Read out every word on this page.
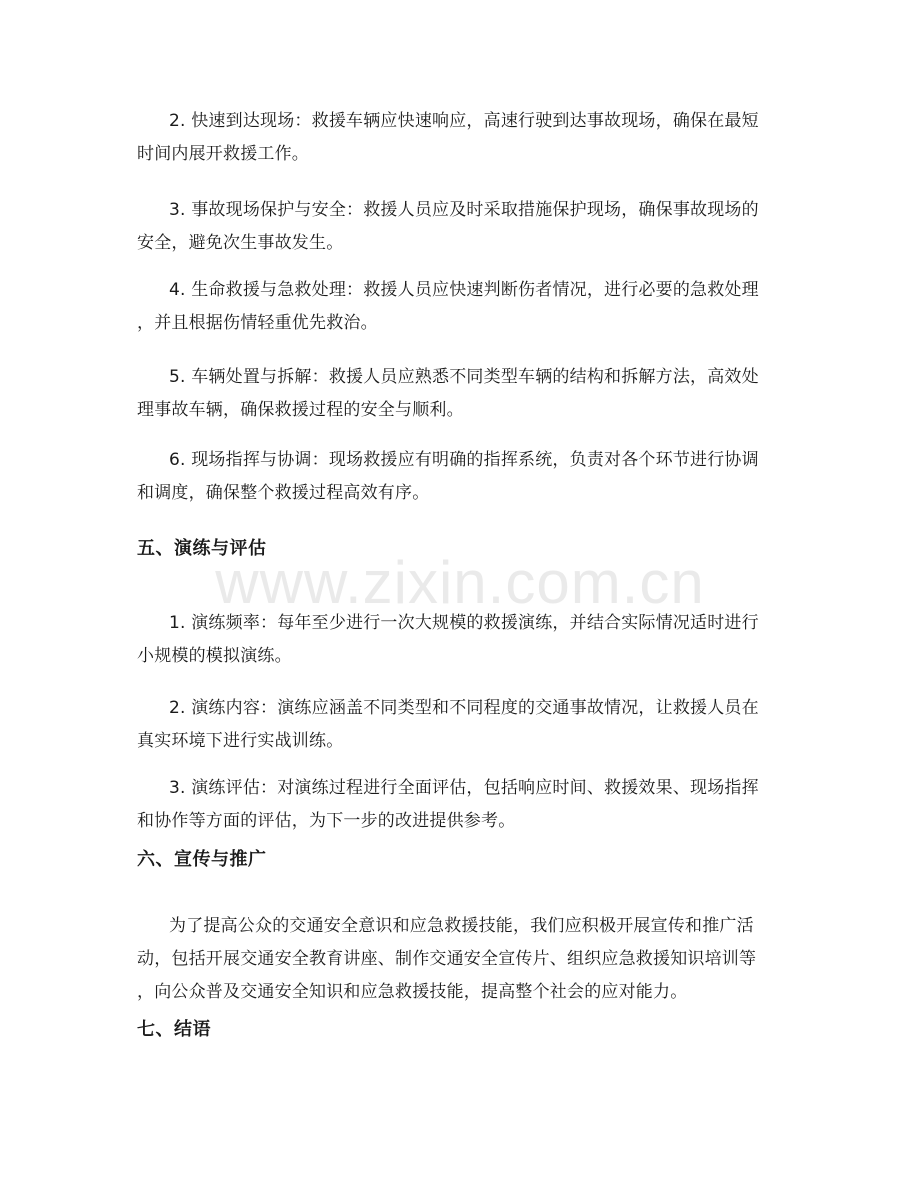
www.zixin.com.cn

2. 快速到达现场：救援车辆应快速响应，高速行驶到达事故现场，确保在最短
时间内展开救援工作。

3. 事故现场保护与安全：救援人员应及时采取措施保护现场，确保事故现场的
安全，避免次生事故发生。

4. 生命救援与急救处理：救援人员应快速判断伤者情况，进行必要的急救处理
，并且根据伤情轻重优先救治。

5. 车辆处置与拆解：救援人员应熟悉不同类型车辆的结构和拆解方法，高效处
理事故车辆，确保救援过程的安全与顺利。

6. 现场指挥与协调：现场救援应有明确的指挥系统，负责对各个环节进行协调
和调度，确保整个救援过程高效有序。

五、演练与评估

1. 演练频率：每年至少进行一次大规模的救援演练，并结合实际情况适时进行
小规模的模拟演练。

2. 演练内容：演练应涵盖不同类型和不同程度的交通事故情况，让救援人员在
真实环境下进行实战训练。

3. 演练评估：对演练过程进行全面评估，包括响应时间、救援效果、现场指挥
和协作等方面的评估，为下一步的改进提供参考。

六、宣传与推广

为了提高公众的交通安全意识和应急救援技能，我们应积极开展宣传和推广活
动，包括开展交通安全教育讲座、制作交通安全宣传片、组织应急救援知识培训等
，向公众普及交通安全知识和应急救援技能，提高整个社会的应对能力。

七、结语
